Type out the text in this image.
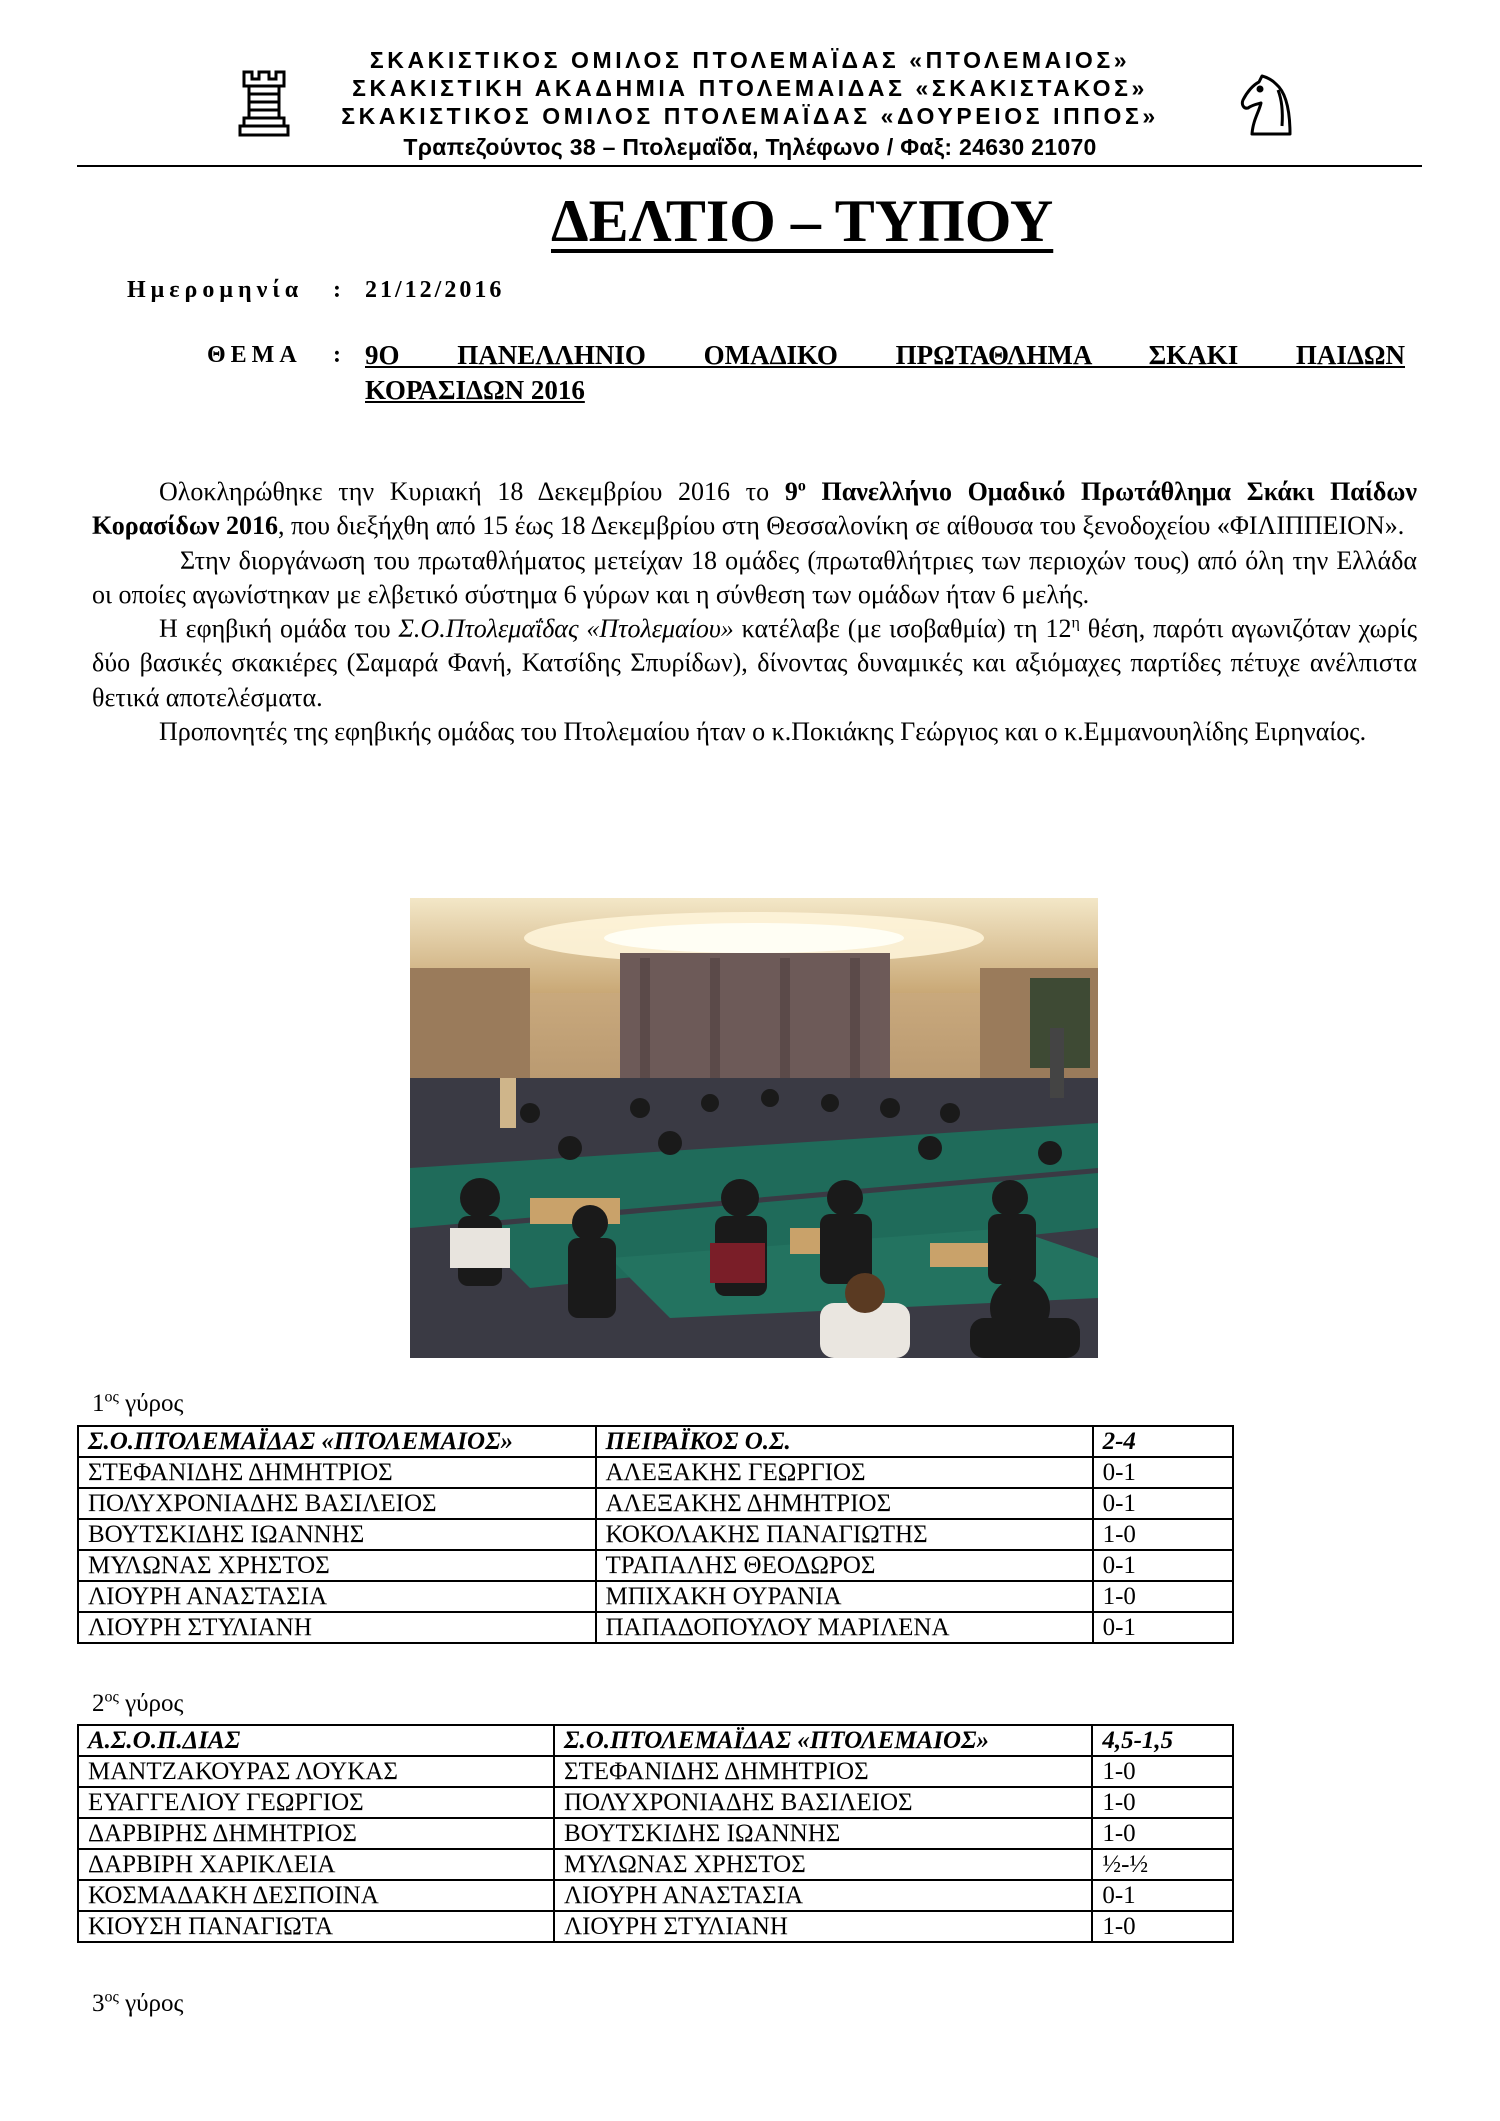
ΣΚΑΚΙΣΤΙΚΟΣ ΟΜΙΛΟΣ ΠΤΟΛΕΜΑΪΔΑΣ «ΠΤΟΛΕΜΑΙΟΣ»
ΣΚΑΚΙΣΤΙΚΗ ΑΚΑΔΗΜΙΑ ΠΤΟΛΕΜΑΙΔΑΣ «ΣΚΑΚΙΣΤΑΚΟΣ»
ΣΚΑΚΙΣΤΙΚΟΣ ΟΜΙΛΟΣ ΠΤΟΛΕΜΑΪΔΑΣ «ΔΟΥΡΕΙΟΣ ΙΠΠΟΣ»
Τραπεζούντος 38 – Πτολεμαΐδα, Τηλέφωνο / Φαξ: 24630 21070
ΔΕΛΤΙΟ – ΤΥΠΟΥ
Ημερομηνία : 21/12/2016
ΘΕΜΑ : 9Ο ΠΑΝΕΛΛΗΝΙΟ ΟΜΑΔΙΚΟ ΠΡΩΤΑΘΛΗΜΑ ΣΚΑΚΙ ΠΑΙΔΩΝ
ΚΟΡΑΣΙΔΩΝ 2016

Ολοκληρώθηκε την Κυριακή 18 Δεκεμβρίου 2016 το $9^o$ Πανελλήνιο Ομαδικό Πρωτάθλημα Σκάκι Παίδων Κορασίδων 2016, που διεξήχθη από 15 έως 18 Δεκεμβρίου στη Θεσσαλονίκη σε αίθουσα του ξενοδοχείου «ΦΙΛΙΠΠΕΙΟΝ».

Στην διοργάνωση του πρωταθλήματος μετείχαν 18 ομάδες (πρωταθλήτριες των περιοχών τους) από όλη την Ελλάδα οι οποίες αγωνίστηκαν με ελβετικό σύστημα 6 γύρων και η σύνθεση των ομάδων ήταν 6 μελής.

Η εφηβική ομάδα του Σ.Ο.Πτολεμαΐδας «Πτολεμαίου» κατέλαβε (με ισοβαθμία) τη $12^\eta$ θέση, παρότι αγωνιζόταν χωρίς δύο βασικές σκακιέρες (Σαμαρά Φανή, Κατσίδης Σπυρίδων), δίνοντας δυναμικές και αξιόμαχες παρτίδες πέτυχε ανέλπιστα θετικά αποτελέσματα.

Προπονητές της εφηβικής ομάδας του Πτολεμαίου ήταν ο κ.Ποκιάκης Γεώργιος και ο κ.Εμμανουηλίδης Ειρηναίος.

$1^{o\varsigma}$ γύρος
Σ.Ο.ΠΤΟΛΕΜΑΪΔΑΣ «ΠΤΟΛΕΜΑΙΟΣ»	ΠΕΙΡΑΪΚΟΣ Ο.Σ.	2-4
ΣΤΕΦΑΝΙΔΗΣ ΔΗΜΗΤΡΙΟΣ	ΑΛΕΞΑΚΗΣ ΓΕΩΡΓΙΟΣ	0-1
ΠΟΛΥΧΡΟΝΙΑΔΗΣ ΒΑΣΙΛΕΙΟΣ	ΑΛΕΞΑΚΗΣ ΔΗΜΗΤΡΙΟΣ	0-1
ΒΟΥΤΣΚΙΔΗΣ ΙΩΑΝΝΗΣ	ΚΟΚΟΛΑΚΗΣ ΠΑΝΑΓΙΩΤΗΣ	1-0
ΜΥΛΩΝΑΣ ΧΡΗΣΤΟΣ	ΤΡΑΠΑΛΗΣ ΘΕΟΔΩΡΟΣ	0-1
ΛΙΟΥΡΗ ΑΝΑΣΤΑΣΙΑ	ΜΠΙΧΑΚΗ ΟΥΡΑΝΙΑ	1-0
ΛΙΟΥΡΗ ΣΤΥΛΙΑΝΗ	ΠΑΠΑΔΟΠΟΥΛΟΥ ΜΑΡΙΛΕΝΑ	0-1
$2^{o\varsigma}$ γύρος
Α.Σ.Ο.Π.ΔΙΑΣ	Σ.Ο.ΠΤΟΛΕΜΑΪΔΑΣ «ΠΤΟΛΕΜΑΙΟΣ»	4,5-1,5
ΜΑΝΤΖΑΚΟΥΡΑΣ ΛΟΥΚΑΣ	ΣΤΕΦΑΝΙΔΗΣ ΔΗΜΗΤΡΙΟΣ	1-0
ΕΥΑΓΓΕΛΙΟΥ ΓΕΩΡΓΙΟΣ	ΠΟΛΥΧΡΟΝΙΑΔΗΣ ΒΑΣΙΛΕΙΟΣ	1-0
ΔΑΡΒΙΡΗΣ ΔΗΜΗΤΡΙΟΣ	ΒΟΥΤΣΚΙΔΗΣ ΙΩΑΝΝΗΣ	1-0
ΔΑΡΒΙΡΗ ΧΑΡΙΚΛΕΙΑ	ΜΥΛΩΝΑΣ ΧΡΗΣΤΟΣ	½-½
ΚΟΣΜΑΔΑΚΗ ΔΕΣΠΟΙΝΑ	ΛΙΟΥΡΗ ΑΝΑΣΤΑΣΙΑ	0-1
ΚΙΟΥΣΗ ΠΑΝΑΓΙΩΤΑ	ΛΙΟΥΡΗ ΣΤΥΛΙΑΝΗ	1-0
$3^{o\varsigma}$ γύρος
